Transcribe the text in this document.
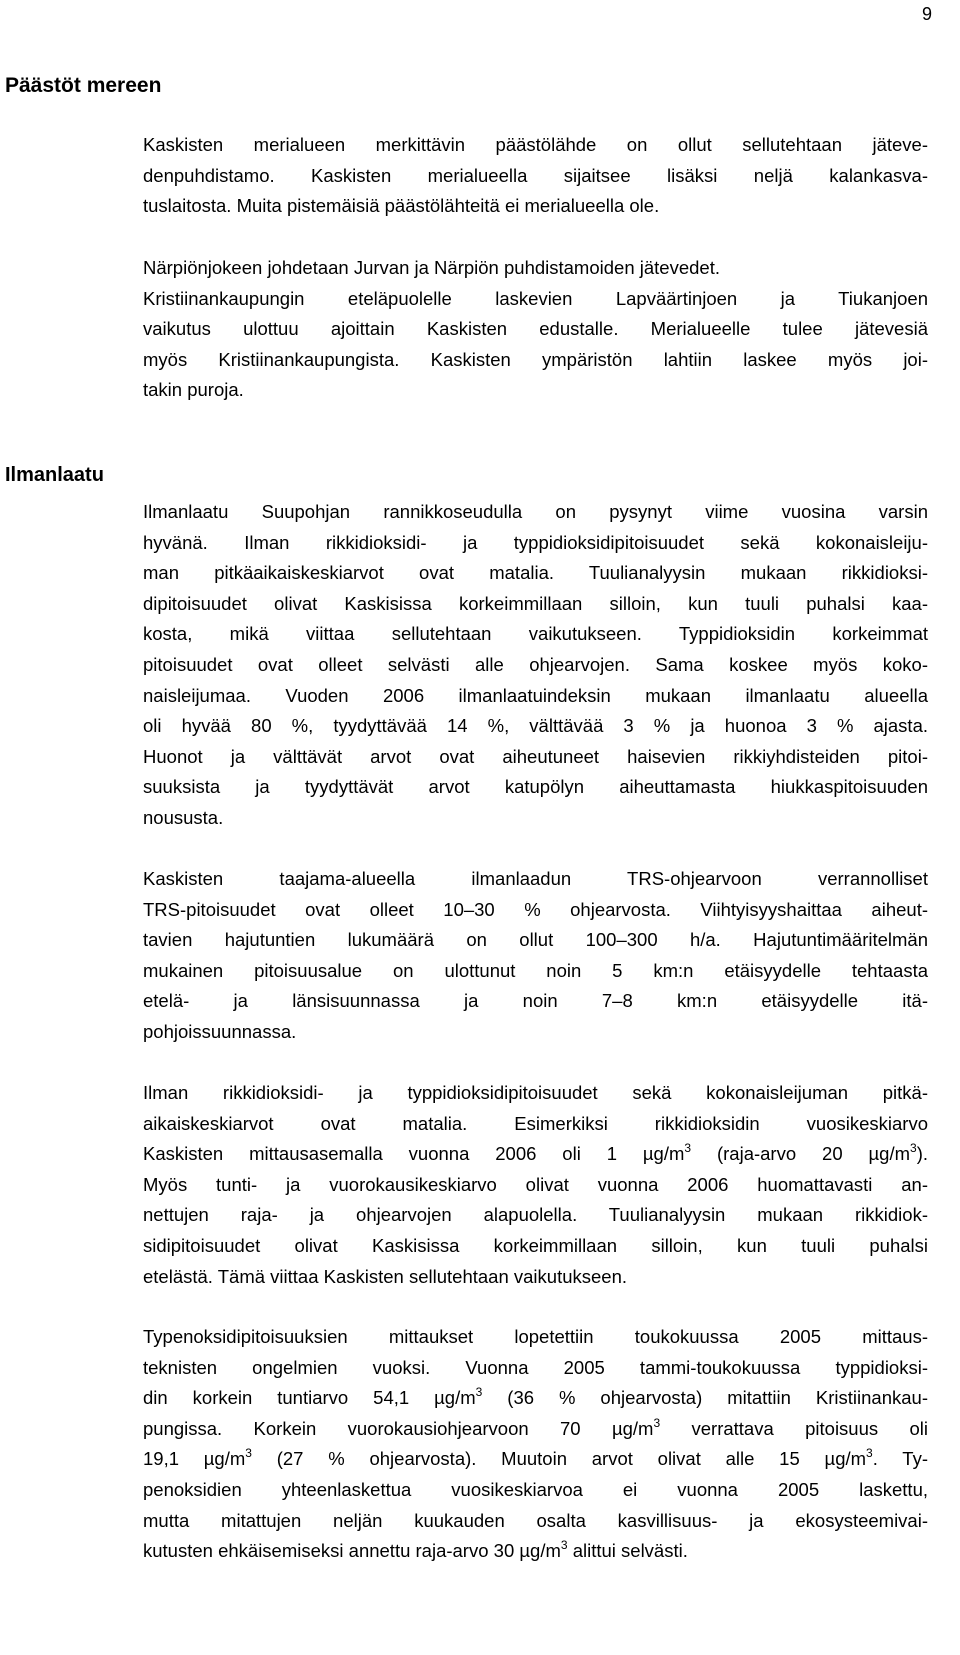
9
Päästöt mereen
Ilmanlaatu

Kaskisten merialueen merkittävin päästölähde on ollut sellutehtaan jäteve-
denpuhdistamo. Kaskisten merialueella sijaitsee lisäksi neljä kalankasva-
tuslaitosta. Muita pistemäisiä päästölähteitä ei merialueella ole.

Närpiönjokeen johdetaan Jurvan ja Närpiön puhdistamoiden jätevedet.
Kristiinankaupungin eteläpuolelle laskevien Lapväärtinjoen ja Tiukanjoen
vaikutus ulottuu ajoittain Kaskisten edustalle. Merialueelle tulee jätevesiä
myös Kristiinankaupungista. Kaskisten ympäristön lahtiin laskee myös joi-
takin puroja.

Ilmanlaatu Suupohjan rannikkoseudulla on pysynyt viime vuosina varsin
hyvänä. Ilman rikkidioksidi- ja typpidioksidipitoisuudet sekä kokonaisleiju-
man pitkäaikaiskeskiarvot ovat matalia. Tuulianalyysin mukaan rikkidioksi-
dipitoisuudet olivat Kaskisissa korkeimmillaan silloin, kun tuuli puhalsi kaa-
kosta, mikä viittaa sellutehtaan vaikutukseen. Typpidioksidin korkeimmat
pitoisuudet ovat olleet selvästi alle ohjearvojen. Sama koskee myös koko-
naisleijumaa. Vuoden 2006 ilmanlaatuindeksin mukaan ilmanlaatu alueella
oli hyvää 80 %, tyydyttävää 14 %, välttävää 3 % ja huonoa 3 % ajasta.
Huonot ja välttävät arvot ovat aiheutuneet haisevien rikkiyhdisteiden pitoi-
suuksista ja tyydyttävät arvot katupölyn aiheuttamasta hiukkaspitoisuuden
noususta.

Kaskisten taajama-alueella ilmanlaadun TRS-ohjearvoon verrannolliset
TRS-pitoisuudet ovat olleet 10–30 % ohjearvosta. Viihtyisyyshaittaa aiheut-
tavien hajutuntien lukumäärä on ollut 100–300 h/a. Hajutuntimääritelmän
mukainen pitoisuusalue on ulottunut noin 5 km:n etäisyydelle tehtaasta
etelä- ja länsisuunnassa ja noin 7–8 km:n etäisyydelle itä-
pohjoissuunnassa.

Ilman rikkidioksidi- ja typpidioksidipitoisuudet sekä kokonaisleijuman pitkä-
aikaiskeskiarvot ovat matalia. Esimerkiksi rikkidioksidin vuosikeskiarvo
Kaskisten mittausasemalla vuonna 2006 oli 1 $\mu g/m^3$ (raja-arvo 20 $\mu g/m^3$).
Myös tunti- ja vuorokausikeskiarvo olivat vuonna 2006 huomattavasti an-
nettujen raja- ja ohjearvojen alapuolella. Tuulianalyysin mukaan rikkidiok-
sidipitoisuudet olivat Kaskisissa korkeimmillaan silloin, kun tuuli puhalsi
etelästä. Tämä viittaa Kaskisten sellutehtaan vaikutukseen.

Typenoksidipitoisuuksien mittaukset lopetettiin toukokuussa 2005 mittaus-
teknisten ongelmien vuoksi. Vuonna 2005 tammi-toukokuussa typpidioksi-
din korkein tuntiarvo 54,1 $\mu g/m^3$ (36 % ohjearvosta) mitattiin Kristiinankau-
pungissa. Korkein vuorokausiohjearvoon 70 $\mu g/m^3$ verrattava pitoisuus oli
19,1 $\mu g/m^3$ (27 % ohjearvosta). Muutoin arvot olivat alle 15 $\mu g/m^3$. Ty-
penoksidien yhteenlaskettua vuosikeskiarvoa ei vuonna 2005 laskettu,
mutta mitattujen neljän kuukauden osalta kasvillisuus- ja ekosysteemivai-
kutusten ehkäisemiseksi annettu raja-arvo 30 $\mu g/m^3$ alittui selvästi.
